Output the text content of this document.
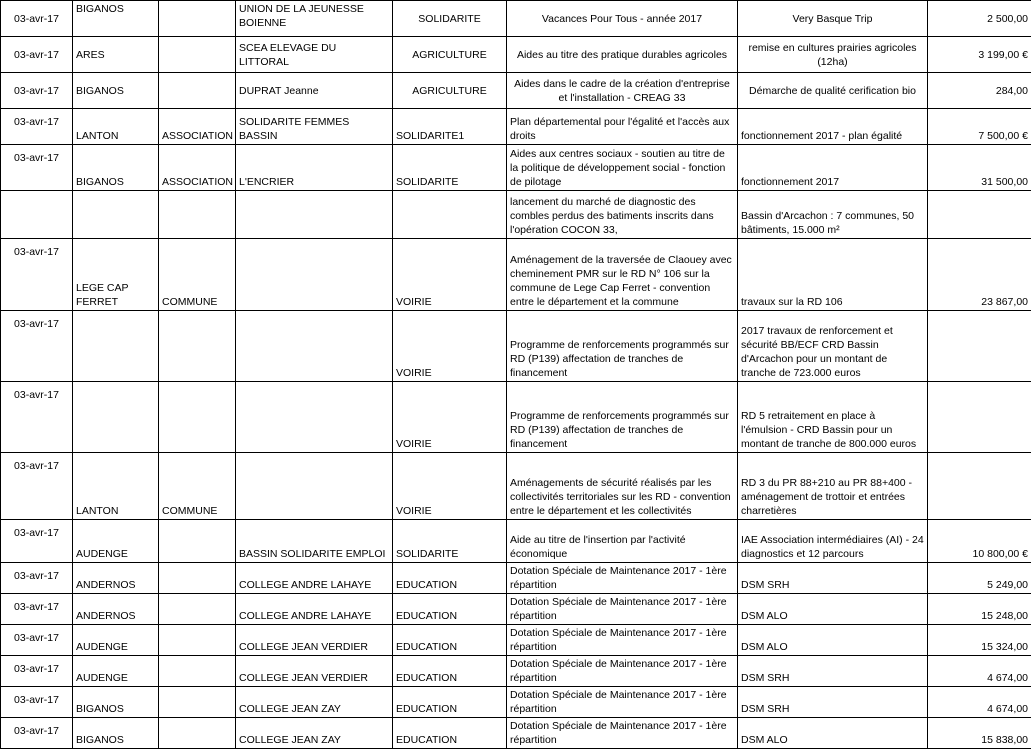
03-avr-17	BIGANOS		UNION DE LA JEUNESSE BOIENNE	SOLIDARITE	Vacances Pour Tous - année 2017	Very Basque Trip	2 500,00
03-avr-17	ARES		SCEA ELEVAGE DU LITTORAL	AGRICULTURE	Aides au titre des pratique durables agricoles	remise en cultures prairies agricoles (12ha)	3 199,00 €
03-avr-17	BIGANOS		DUPRAT Jeanne	AGRICULTURE	Aides dans le cadre de la création d'entreprise et l'installation - CREAG 33	Démarche de qualité cerification bio	284,00
03-avr-17	LANTON	ASSOCIATION	SOLIDARITE FEMMES BASSIN	SOLIDARITE1	Plan départemental pour l'égalité et l'accès aux droits	fonctionnement 2017 - plan égalité	7 500,00 €
03-avr-17	BIGANOS	ASSOCIATION	L'ENCRIER	SOLIDARITE	Aides aux centres sociaux - soutien au titre de la politique de développement social - fonction de pilotage	fonctionnement 2017	31 500,00
					lancement du marché de diagnostic des combles perdus des batiments inscrits dans l'opération COCON 33,	Bassin d'Arcachon : 7 communes, 50 bâtiments, 15.000 m²	
03-avr-17	LEGE CAP FERRET	COMMUNE		VOIRIE	Aménagement de la traversée de Claouey avec cheminement PMR sur le RD N° 106 sur la commune de Lege Cap Ferret - convention entre le département et la commune	travaux sur la RD 106	23 867,00
03-avr-17				VOIRIE	Programme de renforcements programmés sur RD (P139) affectation de tranches de financement	2017 travaux de renforcement et sécurité BB/ECF CRD Bassin d'Arcachon pour un montant de tranche de 723.000 euros	
03-avr-17				VOIRIE	Programme de renforcements programmés sur RD (P139) affectation de tranches de financement	RD 5 retraitement en place à l'émulsion - CRD Bassin pour un montant de tranche de 800.000 euros	
03-avr-17	LANTON	COMMUNE		VOIRIE	Aménagements de sécurité réalisés par les collectivités territoriales sur les RD - convention entre le département et les collectivités	RD 3 du PR 88+210 au PR 88+400 - aménagement de trottoir et entrées charretières	
03-avr-17	AUDENGE		BASSIN SOLIDARITE EMPLOI	SOLIDARITE	Aide au titre de l'insertion par l'activité économique	IAE Association intermédiaires (AI) - 24 diagnostics et 12 parcours	10 800,00 €
03-avr-17	ANDERNOS		COLLEGE ANDRE LAHAYE	EDUCATION	Dotation Spéciale de Maintenance 2017 - 1ère répartition	DSM SRH	5 249,00
03-avr-17	ANDERNOS		COLLEGE ANDRE LAHAYE	EDUCATION	Dotation Spéciale de Maintenance 2017 - 1ère répartition	DSM ALO	15 248,00
03-avr-17	AUDENGE		COLLEGE JEAN VERDIER	EDUCATION	Dotation Spéciale de Maintenance 2017 - 1ère répartition	DSM ALO	15 324,00
03-avr-17	AUDENGE		COLLEGE JEAN VERDIER	EDUCATION	Dotation Spéciale de Maintenance 2017 - 1ère répartition	DSM SRH	4 674,00
03-avr-17	BIGANOS		COLLEGE JEAN ZAY	EDUCATION	Dotation Spéciale de Maintenance 2017 - 1ère répartition	DSM SRH	4 674,00
03-avr-17	BIGANOS		COLLEGE JEAN ZAY	EDUCATION	Dotation Spéciale de Maintenance 2017 - 1ère répartition	DSM ALO	15 838,00
